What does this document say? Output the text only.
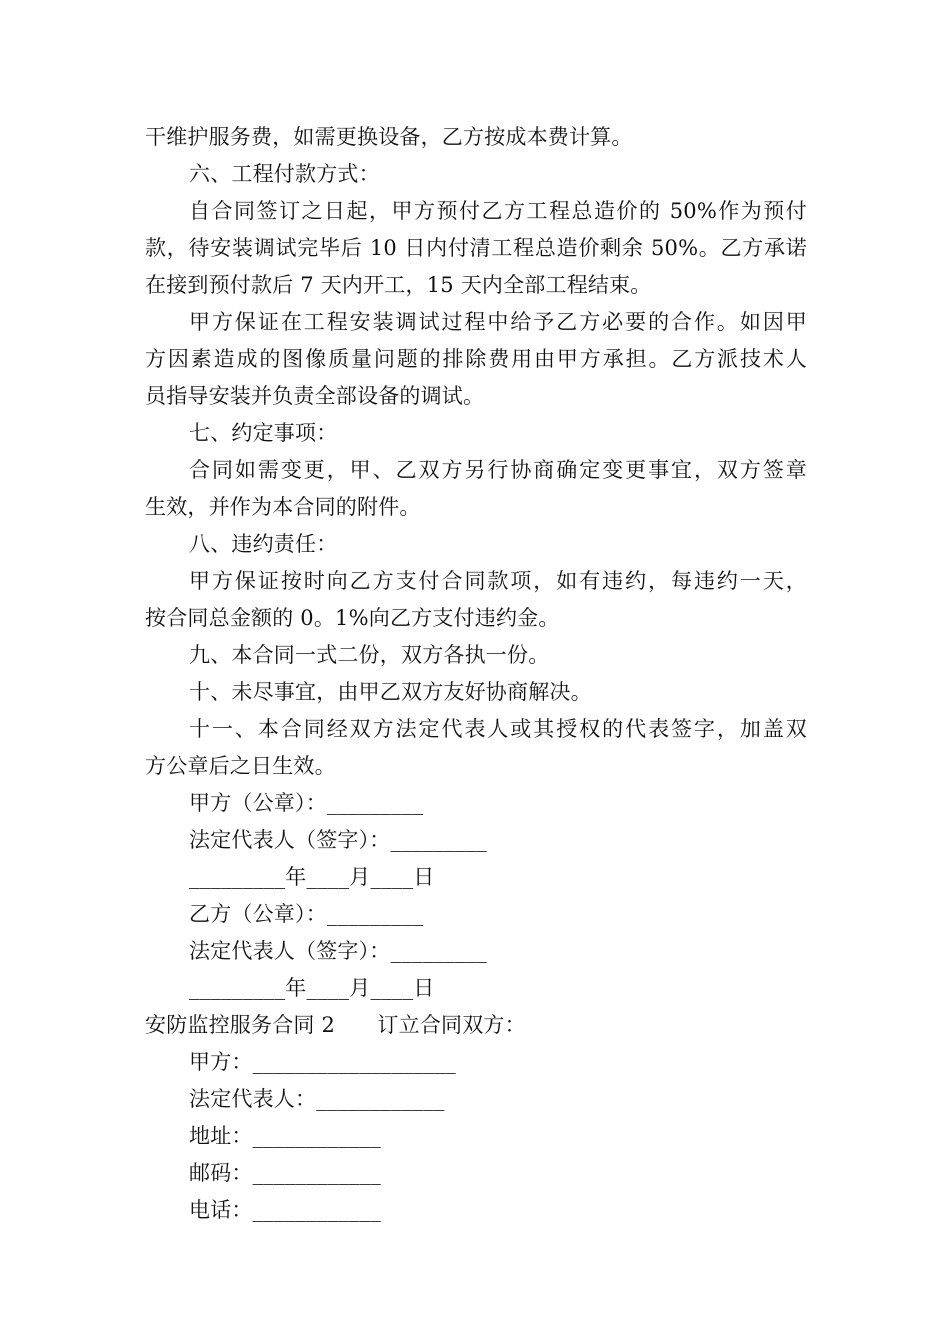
干维护服务费，如需更换设备，乙方按成本费计算。
六、工程付款方式：
自合同签订之日起，甲方预付乙方工程总造价的 50%作为预付
款，待安装调试完毕后 10 日内付清工程总造价剩余 50%。乙方承诺
在接到预付款后 7 天内开工，15 天内全部工程结束。
甲方保证在工程安装调试过程中给予乙方必要的合作。如因甲
方因素造成的图像质量问题的排除费用由甲方承担。乙方派技术人
员指导安装并负责全部设备的调试。
七、约定事项：
合同如需变更，甲、乙双方另行协商确定变更事宜，双方签章
生效，并作为本合同的附件。
八、违约责任：
甲方保证按时向乙方支付合同款项，如有违约，每违约一天，
按合同总金额的 0。1%向乙方支付违约金。
九、本合同一式二份，双方各执一份。
十、未尽事宜，由甲乙双方友好协商解决。
十一、本合同经双方法定代表人或其授权的代表签字，加盖双
方公章后之日生效。
甲方（公章）：_________
法定代表人（签字）：_________
_________年____月____日
乙方（公章）：_________
法定代表人（签字）：_________
_________年____月____日
安防监控服务合同 2　　订立合同双方：
甲方：___________________
法定代表人：____________
地址：____________
邮码：____________
电话：____________
